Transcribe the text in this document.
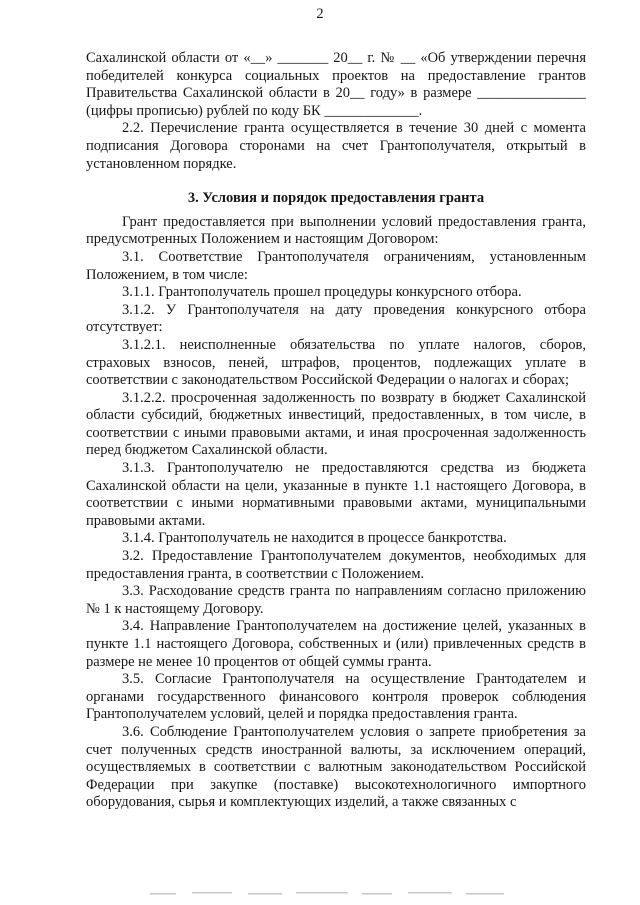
2

Сахалинской области от «__» _______ 20__ г. № __ «Об утверждении перечня победителей конкурса социальных проектов на предоставление грантов Правительства Сахалинской области в 20__ году» в размере _______________ (цифры прописью) рублей по коду БК _____________.

2.2. Перечисление гранта осуществляется в течение 30 дней с момента подписания Договора сторонами на счет Грантополучателя, открытый в установленном порядке.

3. Условия и порядок предоставления гранта

Грант предоставляется при выполнении условий предоставления гранта, предусмотренных Положением и настоящим Договором:

3.1. Соответствие Грантополучателя ограничениям, установленным Положением, в том числе:

3.1.1. Грантополучатель прошел процедуры конкурсного отбора.

3.1.2. У Грантополучателя на дату проведения конкурсного отбора отсутствует:

3.1.2.1. неисполненные обязательства по уплате налогов, сборов, страховых взносов, пеней, штрафов, процентов, подлежащих уплате в соответствии с законодательством Российской Федерации о налогах и сборах;

3.1.2.2. просроченная задолженность по возврату в бюджет Сахалинской области субсидий, бюджетных инвестиций, предоставленных, в том числе, в соответствии с иными правовыми актами, и иная просроченная задолженность перед бюджетом Сахалинской области.

3.1.3. Грантополучателю не предоставляются средства из бюджета Сахалинской области на цели, указанные в пункте 1.1 настоящего Договора, в соответствии с иными нормативными правовыми актами, муниципальными правовыми актами.

3.1.4. Грантополучатель не находится в процессе банкротства.

3.2. Предоставление Грантополучателем документов, необходимых для предоставления гранта, в соответствии с Положением.

3.3. Расходование средств гранта по направлениям согласно приложению № 1 к настоящему Договору.

3.4. Направление Грантополучателем на достижение целей, указанных в пункте 1.1 настоящего Договора, собственных и (или) привлеченных средств в размере не менее 10 процентов от общей суммы гранта.

3.5. Согласие Грантополучателя на осуществление Грантодателем и органами государственного финансового контроля проверок соблюдения Грантополучателем условий, целей и порядка предоставления гранта.

3.6. Соблюдение Грантополучателем условия о запрете приобретения за счет полученных средств иностранной валюты, за исключением операций, осуществляемых в соответствии с валютным законодательством Российской Федерации при закупке (поставке) высокотехнологичного импортного оборудования, сырья и комплектующих изделий, а также связанных с
